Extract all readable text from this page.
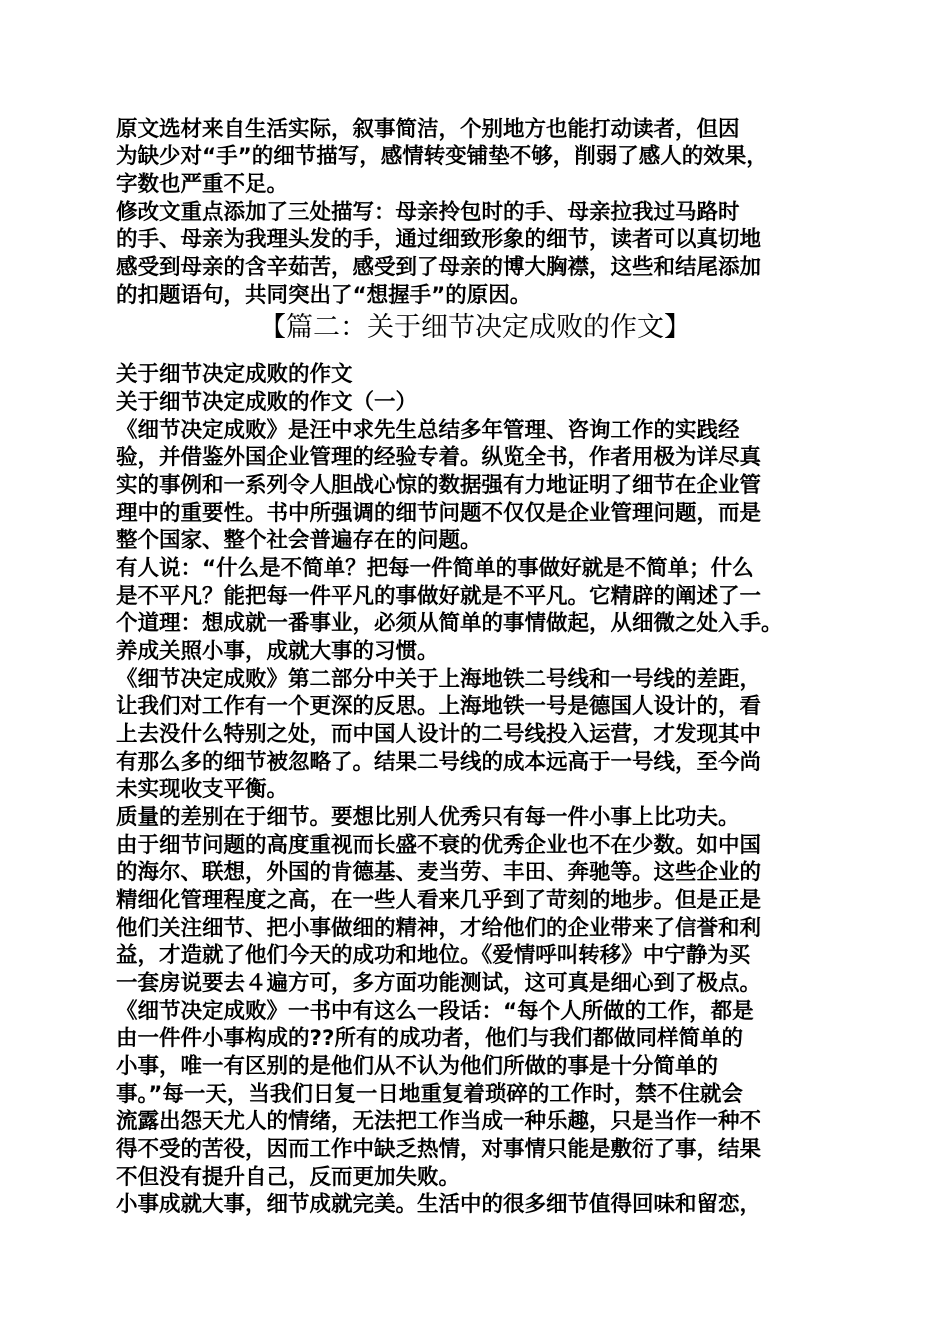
原文选材来自生活实际，叙事简洁，个别地方也能打动读者，但因
为缺少对“手”的细节描写，感情转变铺垫不够，削弱了感人的效果，
字数也严重不足。
修改文重点添加了三处描写：母亲拎包时的手、母亲拉我过马路时
的手、母亲为我理头发的手，通过细致形象的细节，读者可以真切地
感受到母亲的含辛茹苦，感受到了母亲的博大胸襟，这些和结尾添加
的扣题语句，共同突出了“想握手”的原因。
【篇二：关于细节决定成败的作文】
关于细节决定成败的作文
关于细节决定成败的作文（一）
《细节决定成败》是汪中求先生总结多年管理、咨询工作的实践经
验，并借鉴外国企业管理的经验专着。纵览全书，作者用极为详尽真
实的事例和一系列令人胆战心惊的数据强有力地证明了细节在企业管
理中的重要性。书中所强调的细节问题不仅仅是企业管理问题，而是
整个国家、整个社会普遍存在的问题。
有人说：“什么是不简单？把每一件简单的事做好就是不简单；什么
是不平凡？能把每一件平凡的事做好就是不平凡。它精辟的阐述了一
个道理：想成就一番事业，必须从简单的事情做起，从细微之处入手。
养成关照小事，成就大事的习惯。
《细节决定成败》第二部分中关于上海地铁二号线和一号线的差距，
让我们对工作有一个更深的反思。上海地铁一号是德国人设计的，看
上去没什么特别之处，而中国人设计的二号线投入运营，才发现其中
有那么多的细节被忽略了。结果二号线的成本远高于一号线，至今尚
未实现收支平衡。
质量的差别在于细节。要想比别人优秀只有每一件小事上比功夫。
由于细节问题的高度重视而长盛不衰的优秀企业也不在少数。如中国
的海尔、联想，外国的肯德基、麦当劳、丰田、奔驰等。这些企业的
精细化管理程度之高，在一些人看来几乎到了苛刻的地步。但是正是
他们关注细节、把小事做细的精神，才给他们的企业带来了信誉和利
益，才造就了他们今天的成功和地位。《爱情呼叫转移》中宁静为买
一套房说要去４遍方可，多方面功能测试，这可真是细心到了极点。
《细节决定成败》一书中有这么一段话：“每个人所做的工作，都是
由一件件小事构成的??所有的成功者，他们与我们都做同样简单的
小事，唯一有区别的是他们从不认为他们所做的事是十分简单的
事。”每一天，当我们日复一日地重复着琐碎的工作时，禁不住就会
流露出怨天尤人的情绪，无法把工作当成一种乐趣，只是当作一种不
得不受的苦役，因而工作中缺乏热情，对事情只能是敷衍了事，结果
不但没有提升自己，反而更加失败。
小事成就大事，细节成就完美。生活中的很多细节值得回味和留恋，
